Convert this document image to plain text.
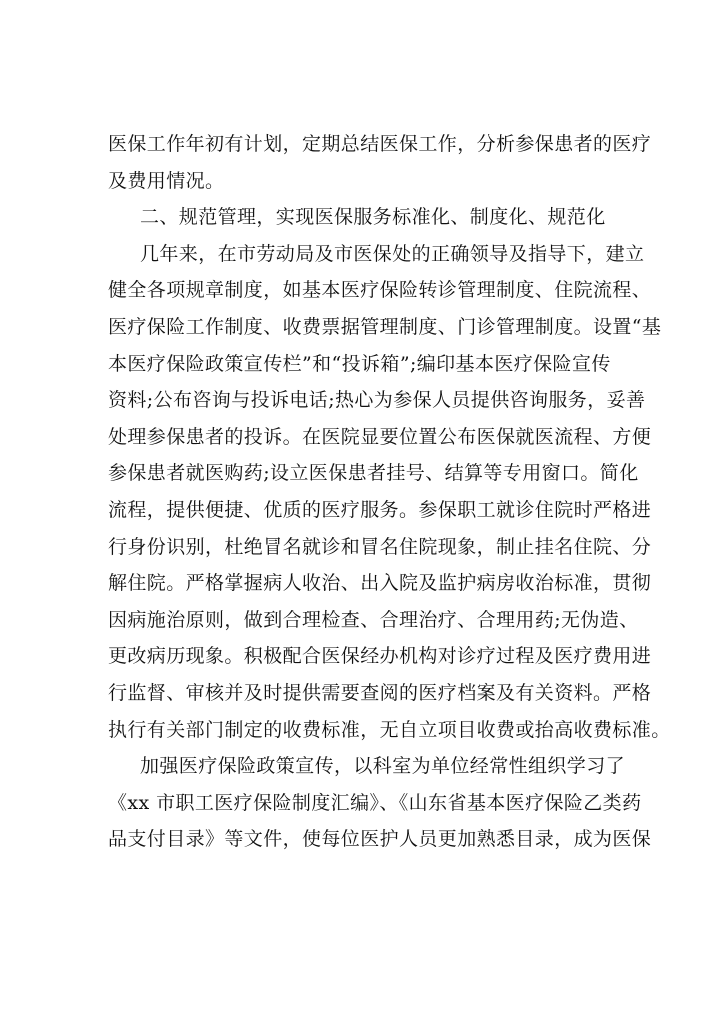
医保工作年初有计划，定期总结医保工作，分析参保患者的医疗
及费用情况。
二、规范管理，实现医保服务标准化、制度化、规范化
几年来，在市劳动局及市医保处的正确领导及指导下，建立
健全各项规章制度，如基本医疗保险转诊管理制度、住院流程、
医疗保险工作制度、收费票据管理制度、门诊管理制度。设置“基
本医疗保险政策宣传栏”和“投诉箱”;编印基本医疗保险宣传
资料;公布咨询与投诉电话;热心为参保人员提供咨询服务，妥善
处理参保患者的投诉。在医院显要位置公布医保就医流程、方便
参保患者就医购药;设立医保患者挂号、结算等专用窗口。简化
流程，提供便捷、优质的医疗服务。参保职工就诊住院时严格进
行身份识别，杜绝冒名就诊和冒名住院现象，制止挂名住院、分
解住院。严格掌握病人收治、出入院及监护病房收治标准，贯彻
因病施治原则，做到合理检查、合理治疗、合理用药;无伪造、
更改病历现象。积极配合医保经办机构对诊疗过程及医疗费用进
行监督、审核并及时提供需要查阅的医疗档案及有关资料。严格
执行有关部门制定的收费标准，无自立项目收费或抬高收费标准。
加强医疗保险政策宣传，以科室为单位经常性组织学习了
《xx 市职工医疗保险制度汇编》、《山东省基本医疗保险乙类药
品支付目录》等文件，使每位医护人员更加熟悉目录，成为医保
